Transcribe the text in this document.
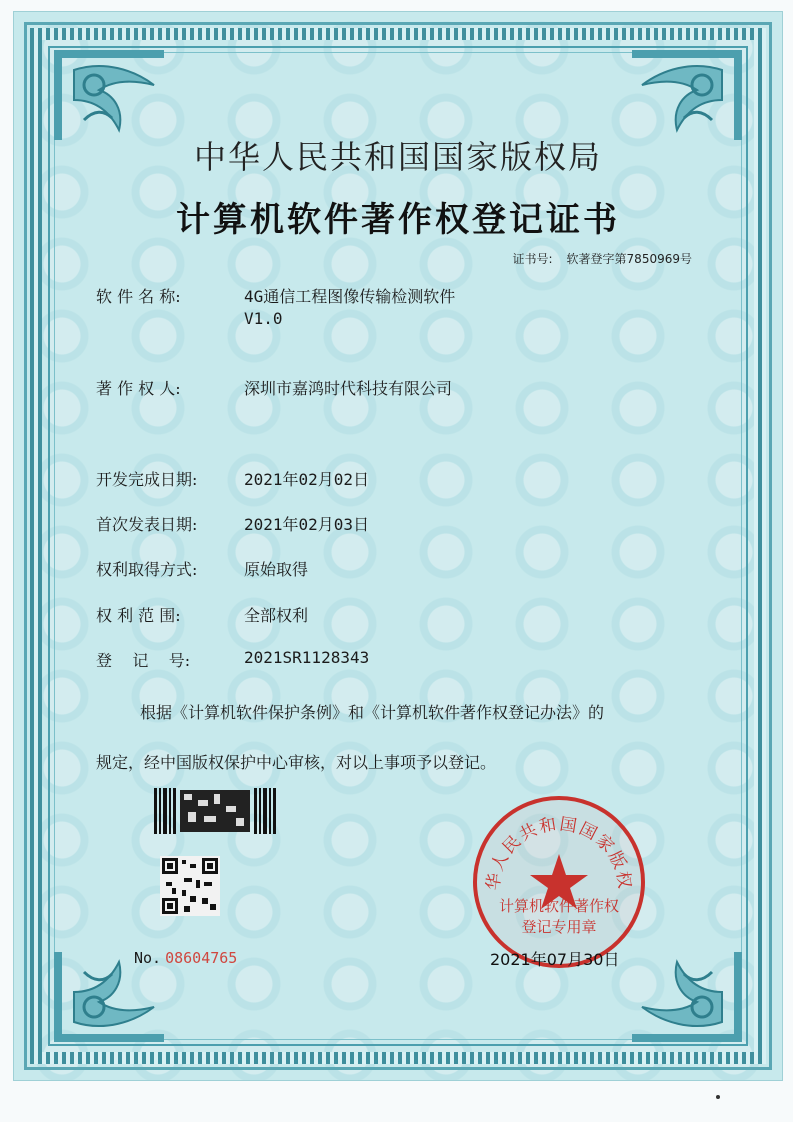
中华人民共和国国家版权局
计算机软件著作权登记证书
证书号: 软著登字第7850969号
软 件 名 称:	4G通信工程图像传输检测软件
V1.0
著 作 权 人:	深圳市嘉鸿时代科技有限公司
开发完成日期:	2021年02月02日
首次发表日期:	2021年02月03日
权利取得方式:	原始取得
权 利 范 围:	全部权利
登    记    号:	2021SR1128343
根据《计算机软件保护条例》和《计算机软件著作权登记办法》的
规定，经中国版权保护中心审核，对以上事项予以登记。
No. 08604765
华人民共和国国家版权
计算机软件著作权
登记专用章
2021年07月30日
